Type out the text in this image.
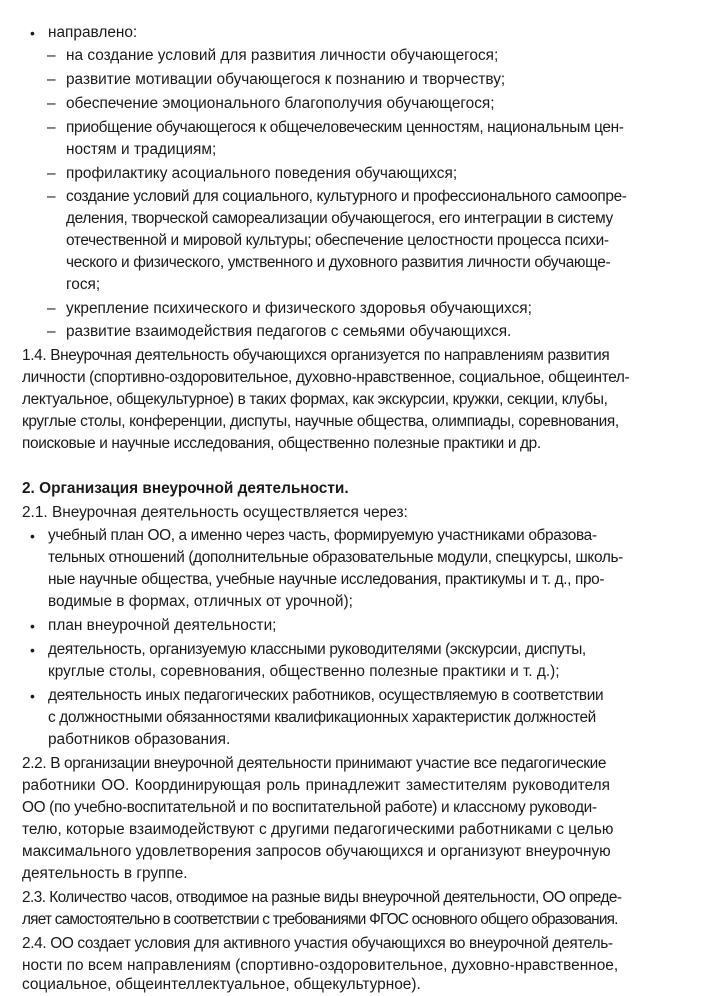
• направлено:
– на создание условий для развития личности обучающегося;
– развитие мотивации обучающегося к познанию и творчеству;
– обеспечение эмоционального благополучия обучающегося;
– приобщение обучающегося к общечеловеческим ценностям, национальным цен-
ностям и традициям;
– профилактику асоциального поведения обучающихся;
– создание условий для социального, культурного и профессионального самоопре-
деления, творческой самореализации обучающегося, его интеграции в систему
отечественной и мировой культуры; обеспечение целостности процесса психи-
ческого и физического, умственного и духовного развития личности обучающе-
гося;
– укрепление психического и физического здоровья обучающихся;
– развитие взаимодействия педагогов с семьями обучающихся.
1.4. Внеурочная деятельность обучающихся организуется по направлениям развития
личности (спортивно-оздоровительное, духовно-нравственное, социальное, общеинтел-
лектуальное, общекультурное) в таких формах, как экскурсии, кружки, секции, клубы,
круглые столы, конференции, диспуты, научные общества, олимпиады, соревнования,
поисковые и научные исследования, общественно полезные практики и др.
2. Организация внеурочной деятельности.
2.1. Внеурочная деятельность осуществляется через:
• учебный план ОО, а именно через часть, формируемую участниками образова-
тельных отношений (дополнительные образовательные модули, спецкурсы, школь-
ные научные общества, учебные научные исследования, практикумы и т. д., про-
водимые в формах, отличных от урочной);
• план внеурочной деятельности;
• деятельность, организуемую классными руководителями (экскурсии, диспуты,
круглые столы, соревнования, общественно полезные практики и т. д.);
• деятельность иных педагогических работников, осуществляемую в соответствии
с должностными обязанностями квалификационных характеристик должностей
работников образования.
2.2. В организации внеурочной деятельности принимают участие все педагогические
работники ОО. Координирующая роль принадлежит заместителям руководителя
ОО (по учебно-воспитательной и по воспитательной работе) и классному руководи-
телю, которые взаимодействуют с другими педагогическими работниками с целью
максимального удовлетворения запросов обучающихся и организуют внеурочную
деятельность в группе.
2.3. Количество часов, отводимое на разные виды внеурочной деятельности, ОО опреде-
ляет самостоятельно в соответствии с требованиями ФГОС основного общего образования.
2.4. ОО создает условия для активного участия обучающихся во внеурочной деятель-
ности по всем направлениям (спортивно-оздоровительное, духовно-нравственное,
социальное, общеинтеллектуальное, общекультурное).
